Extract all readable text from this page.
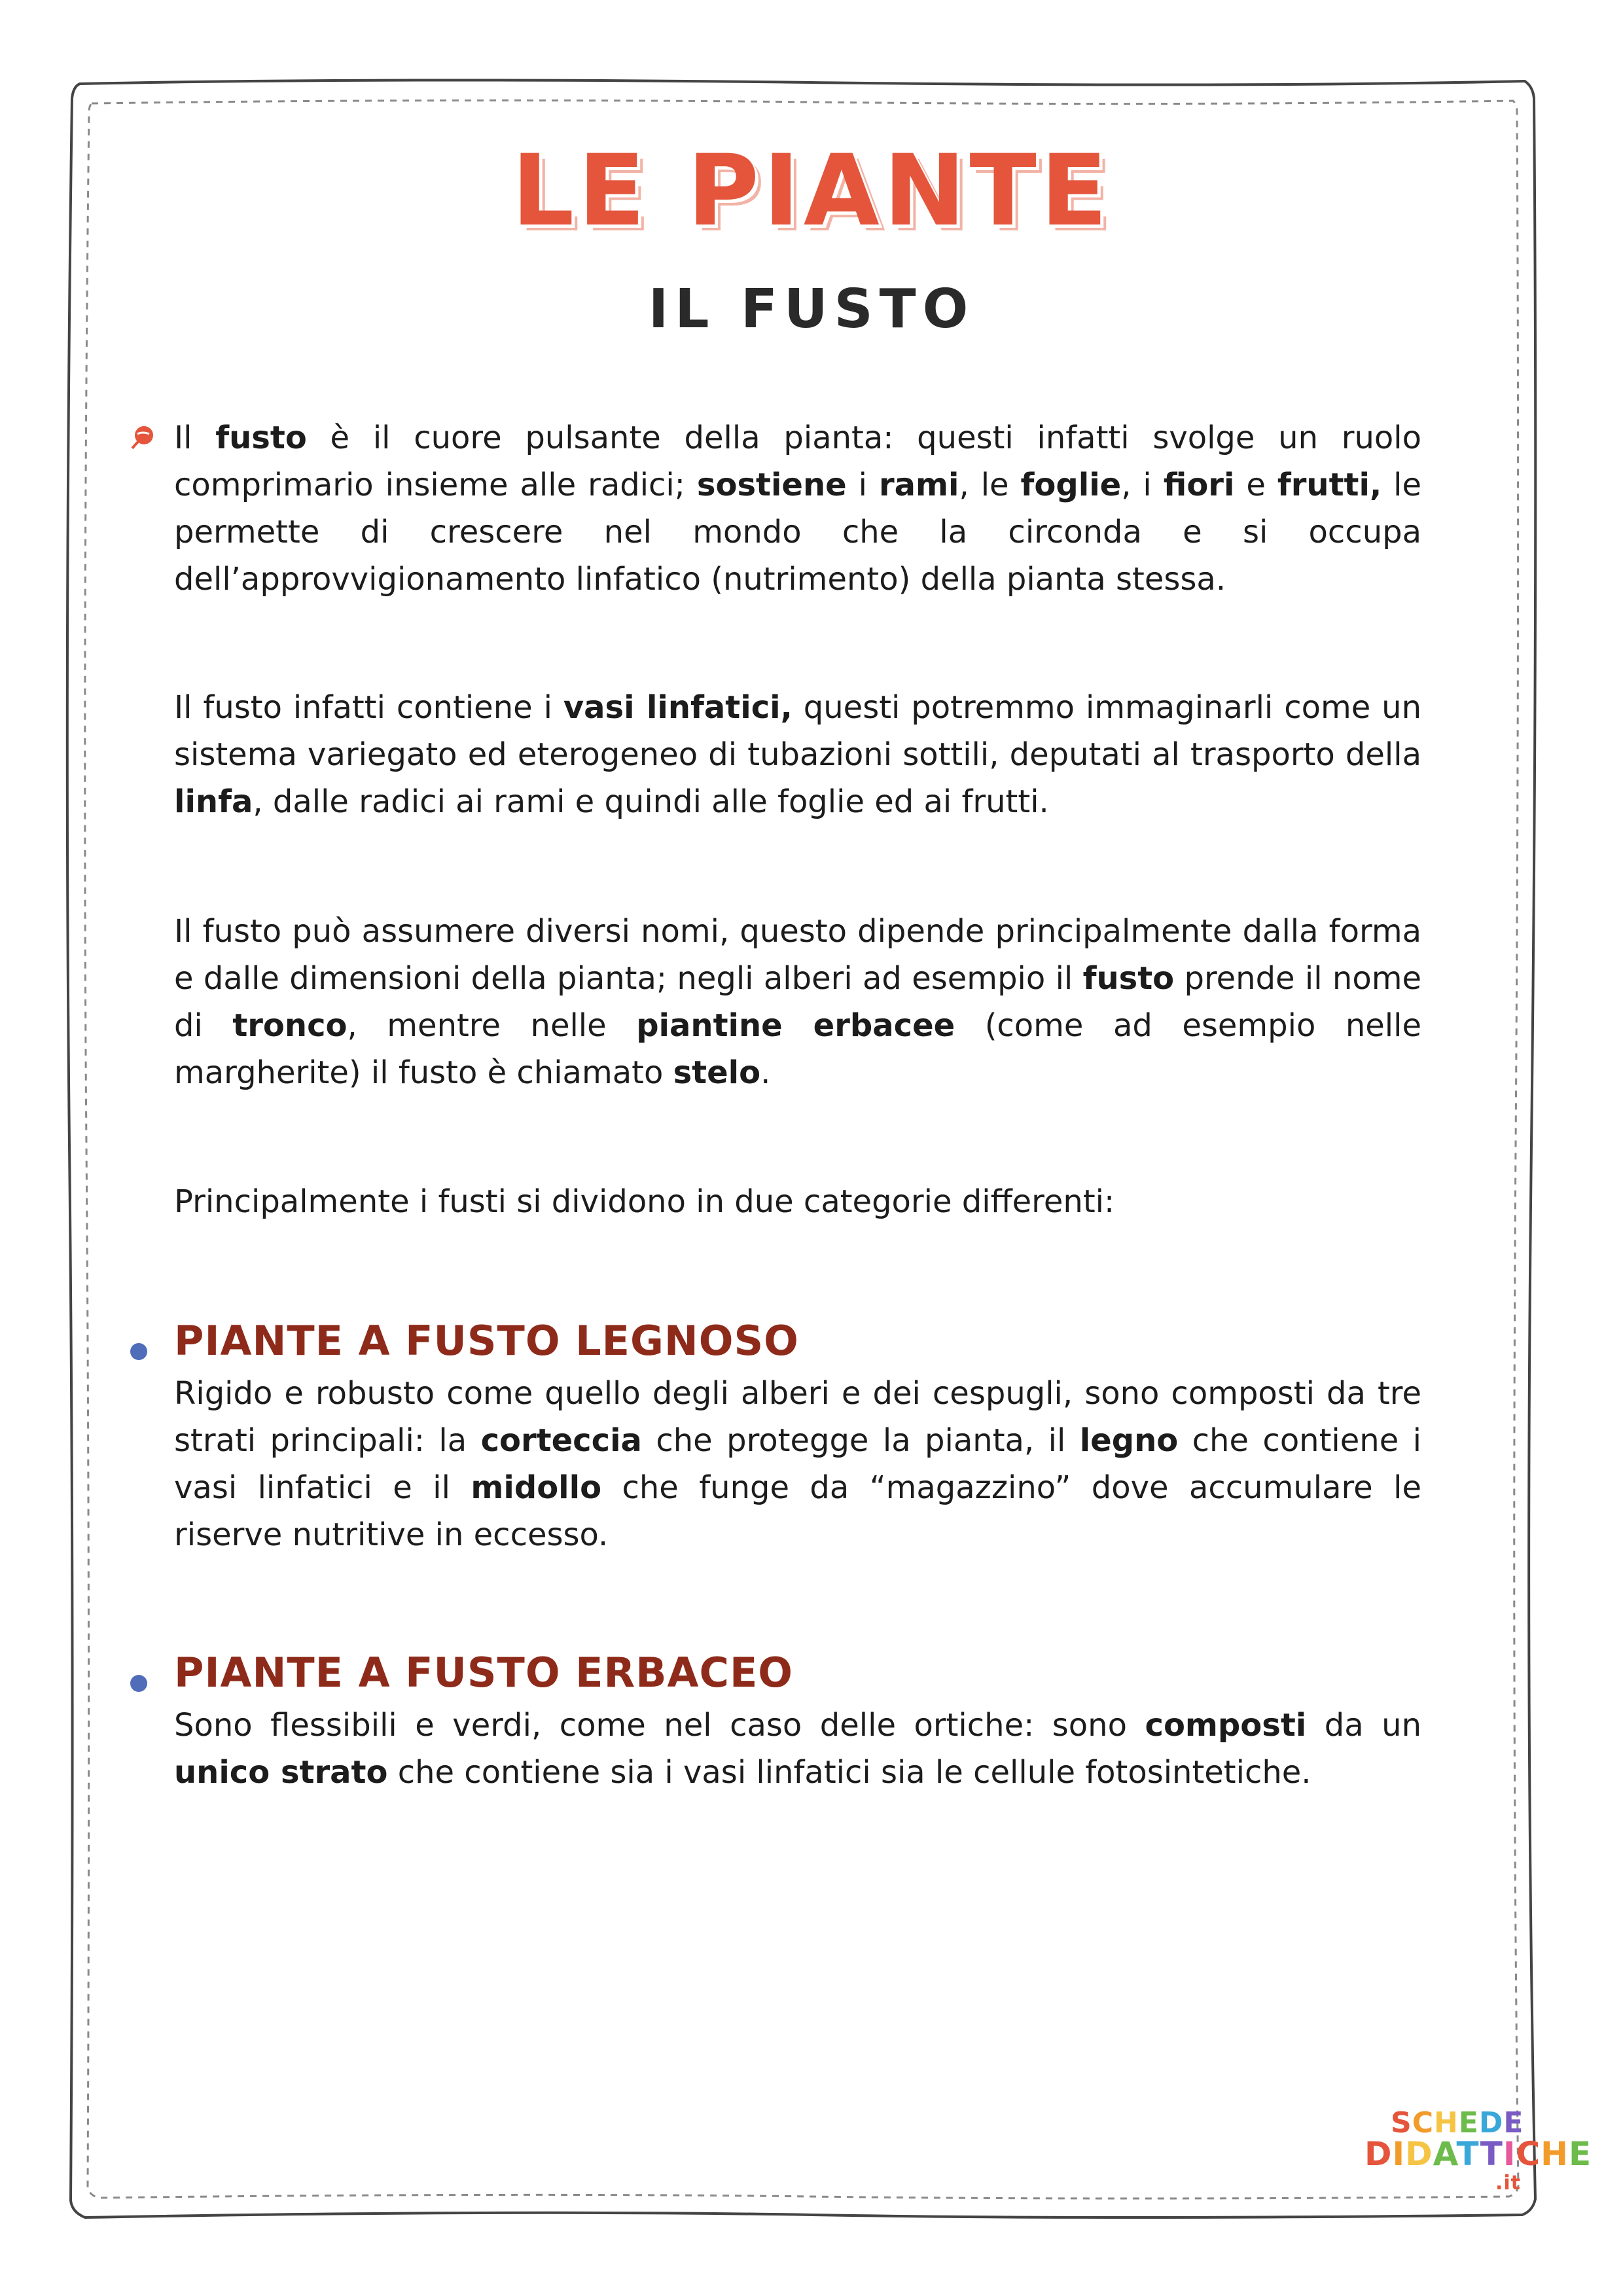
LE PIANTE
IL FUSTO

Il fusto è il cuore pulsante della pianta: questi infatti svolge un ruolo comprimario insieme alle radici; sostiene i rami, le foglie, i fiori e frutti, le permette di crescere nel mondo che la circonda e si occupa dell’approvvigionamento linfatico (nutrimento) della pianta stessa.

Il fusto infatti contiene i vasi linfatici, questi potremmo immaginarli come un sistema variegato ed eterogeneo di tubazioni sottili, deputati al trasporto della linfa, dalle radici ai rami e quindi alle foglie ed ai frutti.

Il fusto può assumere diversi nomi, questo dipende principalmente dalla forma e dalle dimensioni della pianta; negli alberi ad esempio il fusto prende il nome di tronco, mentre nelle piantine erbacee (come ad esempio nelle margherite) il fusto è chiamato stelo.

Principalmente i fusti si dividono in due categorie differenti:

PIANTE A FUSTO LEGNOSO

Rigido e robusto come quello degli alberi e dei cespugli, sono composti da tre strati principali: la corteccia che protegge la pianta, il legno che contiene i vasi linfatici e il midollo che funge da “magazzino” dove accumulare le riserve nutritive in eccesso.

PIANTE A FUSTO ERBACEO

Sono flessibili e verdi, come nel caso delle ortiche: sono composti da un unico strato che contiene sia i vasi linfatici sia le cellule fotosintetiche.

SCHEDE
DIDATTICHE
.it
